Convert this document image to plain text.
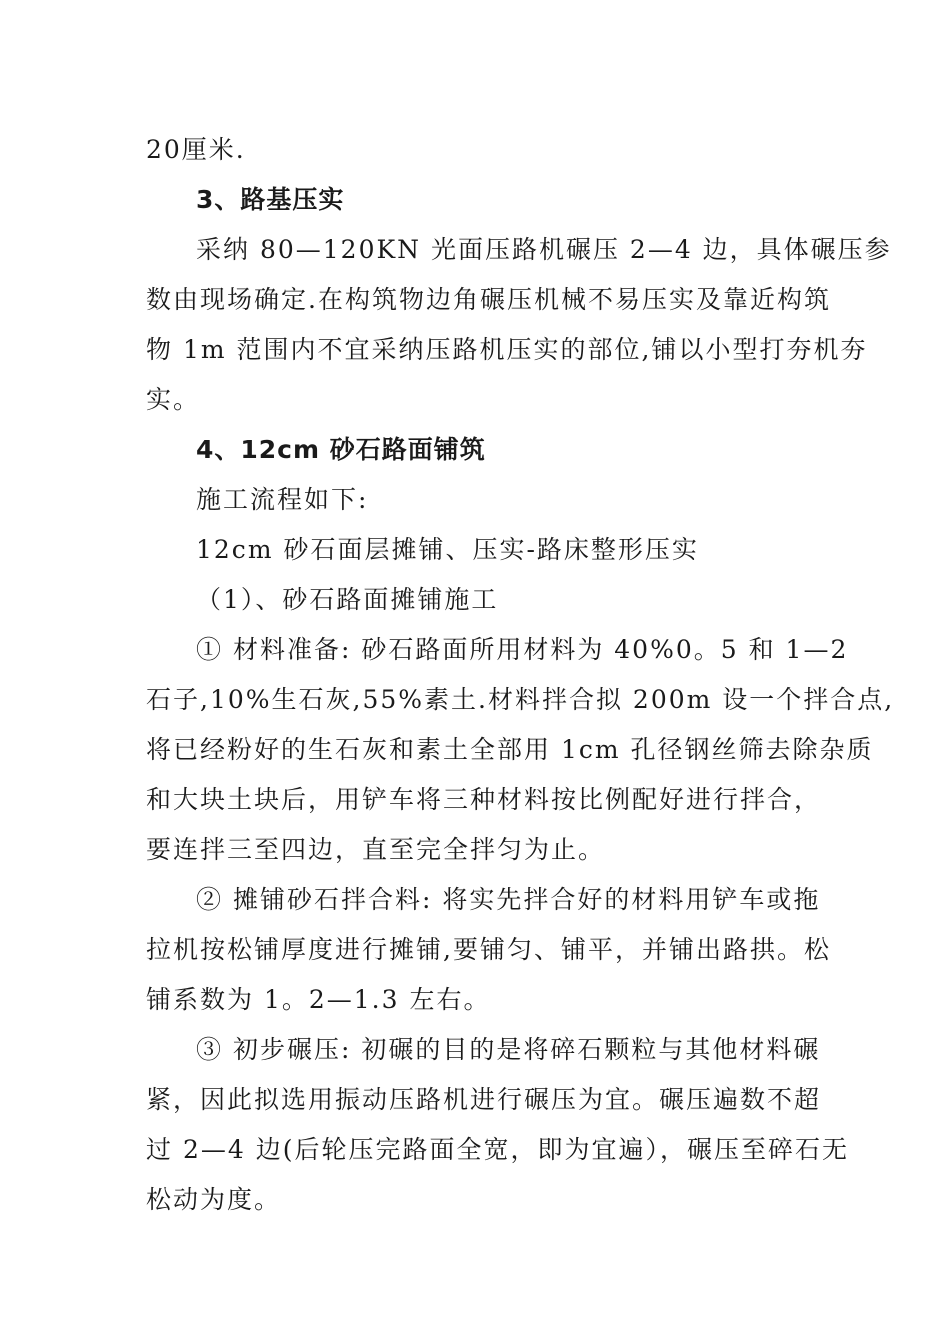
20厘米.
3、路基压实
采纳 80—120KN 光面压路机碾压 2—4 边，具体碾压参
数由现场确定.在构筑物边角碾压机械不易压实及靠近构筑
物 1m 范围内不宜采纳压路机压实的部位,铺以小型打夯机夯
实。
4、12cm 砂石路面铺筑
施工流程如下:
12cm 砂石面层摊铺、压实-路床整形压实
（1）、砂石路面摊铺施工
① 材料准备: 砂石路面所用材料为 40%0。5 和 1—2
石子,10%生石灰,55%素土.材料拌合拟 200m 设一个拌合点,
将已经粉好的生石灰和素土全部用 1cm 孔径钢丝筛去除杂质
和大块土块后，用铲车将三种材料按比例配好进行拌合，
要连拌三至四边，直至完全拌匀为止。
② 摊铺砂石拌合料: 将实先拌合好的材料用铲车或拖
拉机按松铺厚度进行摊铺,要铺匀、铺平，并铺出路拱。松
铺系数为 1。2—1.3 左右。
③ 初步碾压: 初碾的目的是将碎石颗粒与其他材料碾
紧，因此拟选用振动压路机进行碾压为宜。碾压遍数不超
过 2—4 边(后轮压完路面全宽，即为宜遍），碾压至碎石无
松动为度。
